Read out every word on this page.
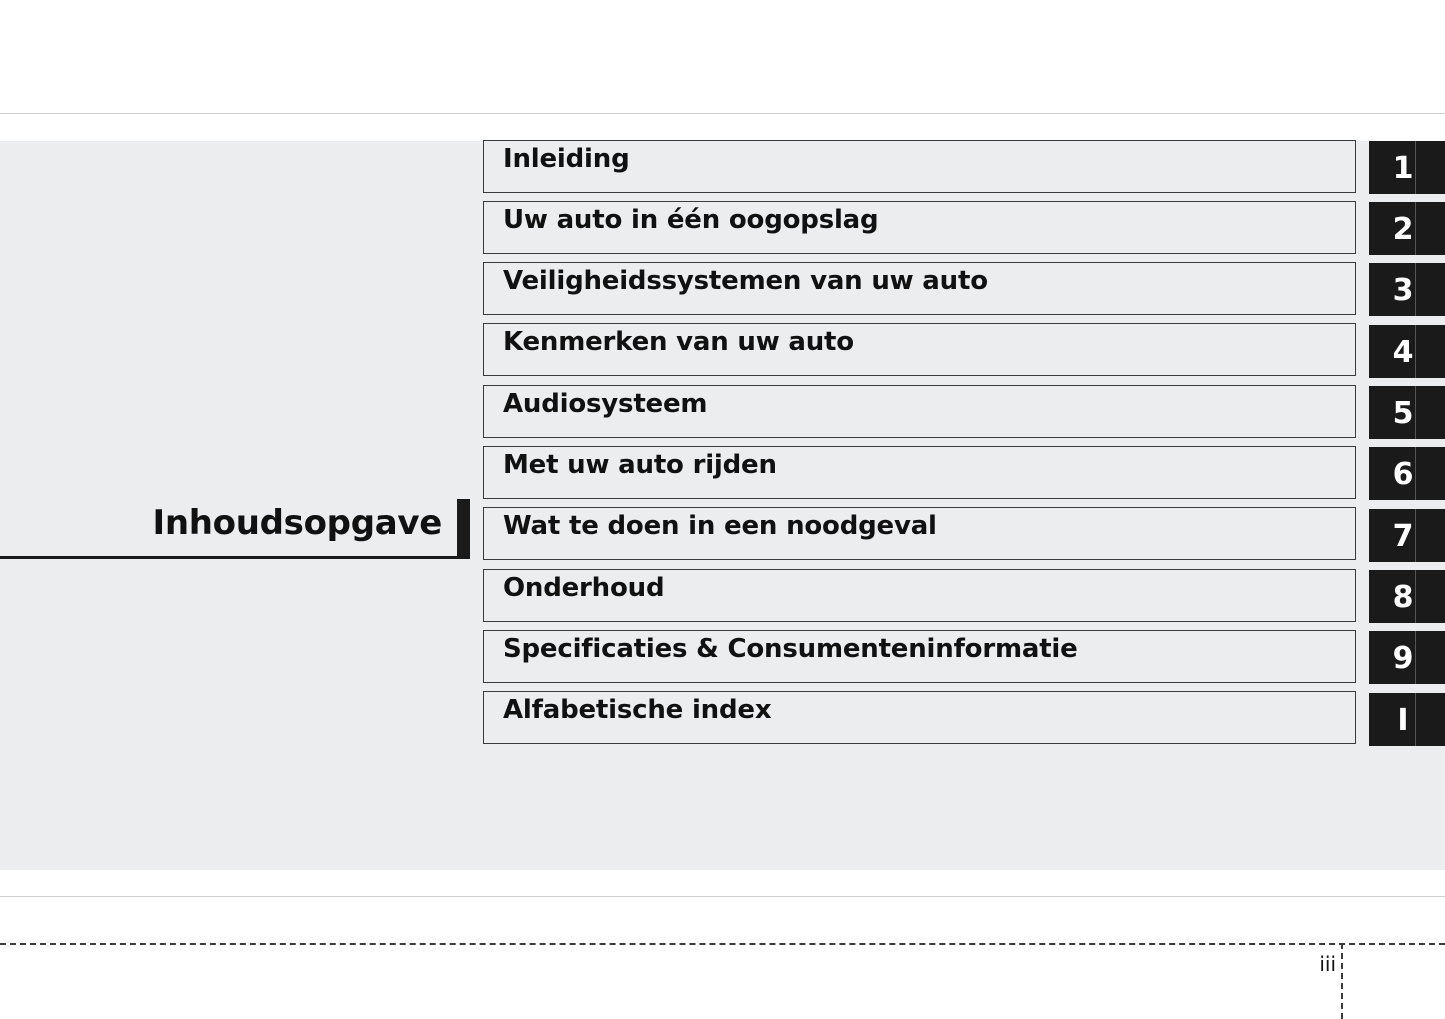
Inhoudsopgave
Inleiding
Uw auto in één oogopslag
Veiligheidssystemen van uw auto
Kenmerken van uw auto
Audiosysteem
Met uw auto rijden
Wat te doen in een noodgeval
Onderhoud
Specificaties & Consumenteninformatie
Alfabetische index
1
2
3
4
5
6
7
8
9
I
iii
